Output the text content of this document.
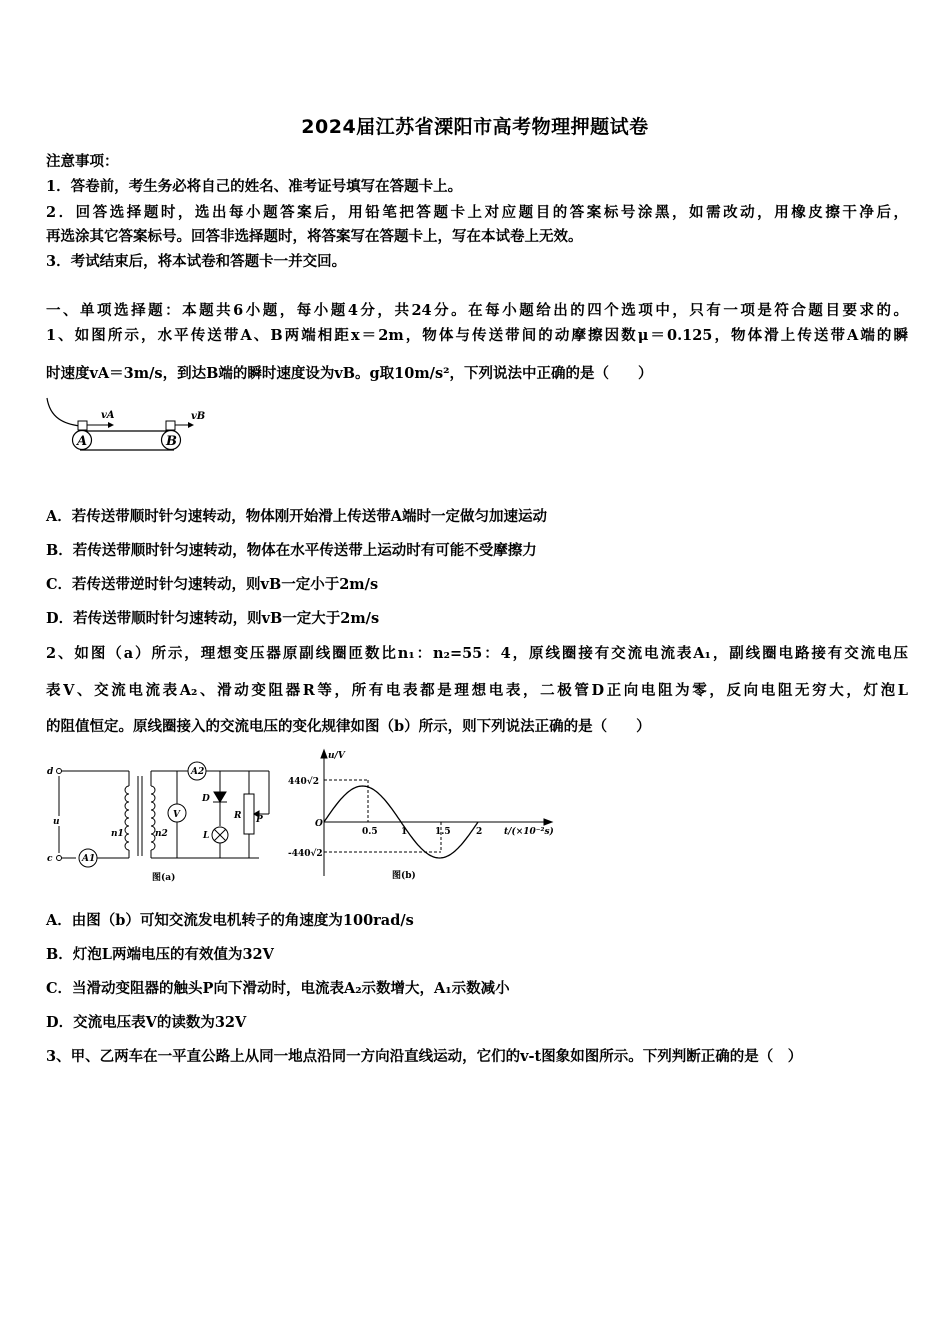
2024届江苏省溧阳市高考物理押题试卷
注意事项：
1．答卷前，考生务必将自己的姓名、准考证号填写在答题卡上。
2．回答选择题时，选出每小题答案后，用铅笔把答题卡上对应题目的答案标号涂黑，如需改动，用橡皮擦干净后，
再选涂其它答案标号。回答非选择题时，将答案写在答题卡上，写在本试卷上无效。
3．考试结束后，将本试卷和答题卡一并交回。
一、单项选择题：本题共6小题，每小题4分，共24分。在每小题给出的四个选项中，只有一项是符合题目要求的。
1、如图所示，水平传送带A、B两端相距x＝2m，物体与传送带间的动摩擦因数μ＝0.125，物体滑上传送带A端的瞬
时速度vA＝3m/s，到达B端的瞬时速度设为vB。g取10m/s²，下列说法中正确的是（　　）
A	B
vA	vB
A．若传送带顺时针匀速转动，物体刚开始滑上传送带A端时一定做匀加速运动
B．若传送带顺时针匀速转动，物体在水平传送带上运动时有可能不受摩擦力
C．若传送带逆时针匀速转动，则vB一定小于2m/s
D．若传送带顺时针匀速转动，则vB一定大于2m/s
2、如图（a）所示，理想变压器原副线圈匝数比n₁：n₂=55：4，原线圈接有交流电流表A₁，副线圈电路接有交流电压
表V、交流电流表A₂、滑动变阻器R等，所有电表都是理想电表，二极管D正向电阻为零，反向电阻无穷大，灯泡L
的阻值恒定。原线圈接入的交流电压的变化规律如图（b）所示，则下列说法正确的是（　　）
d
c
u
n1	n2
A2
A1
V
D
L
R P
图(a)
u/V
440√2
-440√2
O
0.5	1	1.5	2 t/(×10⁻²s)
图(b)
A．由图（b）可知交流发电机转子的角速度为100rad/s
B．灯泡L两端电压的有效值为32V
C．当滑动变阻器的触头P向下滑动时，电流表A₂示数增大，A₁示数减小
D．交流电压表V的读数为32V
3、甲、乙两车在一平直公路上从同一地点沿同一方向沿直线运动，它们的v-t图象如图所示。下列判断正确的是（　）
